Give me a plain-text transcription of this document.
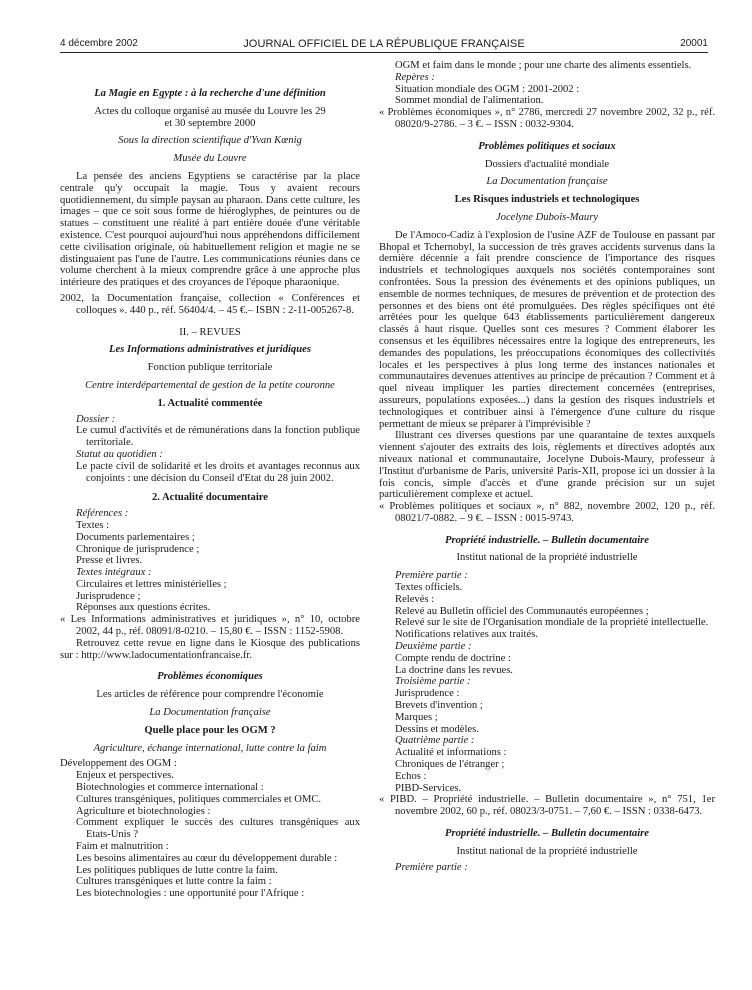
4 décembre 2002	JOURNAL OFFICIEL DE LA RÉPUBLIQUE FRANÇAISE	20001

La Magie en Egypte : à la recherche d'une définition

Actes du colloque organisé au musée du Louvre les 29 et 30 septembre 2000

Sous la direction scientifique d'Yvan Kœnig

Musée du Louvre

La pensée des anciens Egyptiens se caractérise par la place centrale qu'y occupait la magie. Tous y avaient recours quotidiennement, du simple paysan au pharaon. Dans cette culture, les images – que ce soit sous forme de hiéroglyphes, de peintures ou de statues – constituent une réalité à part entière douée d'une véritable existence. C'est pourquoi aujourd'hui nous appréhendons difficilement cette civilisation originale, où habituellement religion et magie ne se distinguaient pas l'une de l'autre. Les communications réunies dans ce volume cherchent à la mieux comprendre grâce à une approche plus intérieure des pratiques et des croyances de l'époque pharaonique.

2002, la Documentation française, collection « Conférences et colloques ». 440 p., réf. 56404/4. – 45 €.– ISBN : 2-11-005267-8.

II. – REVUES

Les Informations administratives et juridiques

Fonction publique territoriale

Centre interdépartemental de gestion de la petite couronne

1. Actualité commentée

Dossier :

Le cumul d'activités et de rémunérations dans la fonction publique territoriale.

Statut au quotidien :

Le pacte civil de solidarité et les droits et avantages reconnus aux conjoints : une décision du Conseil d'Etat du 28 juin 2002.

2. Actualité documentaire

Références :

Textes :

Documents parlementaires ;

Chronique de jurisprudence ;

Presse et livres.

Textes intégraux :

Circulaires et lettres ministérielles ;

Jurisprudence ;

Réponses aux questions écrites.

« Les Informations administratives et juridiques », n° 10, octobre 2002, 44 p., réf. 08091/8-0210. – 15,80 €. – ISSN : 1152-5908.

Retrouvez cette revue en ligne dans le Kiosque des publications sur : http://www.ladocumentationfrancaise.fr.

Problèmes économiques

Les articles de référence pour comprendre l'économie

La Documentation française

Quelle place pour les OGM ?

Agriculture, échange international, lutte contre la faim

Développement des OGM :

Enjeux et perspectives.

Biotechnologies et commerce international :

Cultures transgéniques, politiques commerciales et OMC.

Agriculture et biotechnologies :

Comment expliquer le succès des cultures transgéniques aux Etats-Unis ?

Faim et malnutrition :

Les besoins alimentaires au cœur du développement durable :

Les politiques publiques de lutte contre la faim.

Cultures transgéniques et lutte contre la faim :

Les biotechnologies : une opportunité pour l'Afrique :

OGM et faim dans le monde ; pour une charte des aliments essentiels.

Repères :

Situation mondiale des OGM : 2001-2002 :

Sommet mondial de l'alimentation.

« Problèmes économiques », n° 2786, mercredi 27 novembre 2002, 32 p., réf. 08020/9-2786. – 3 €. – ISSN : 0032-9304.

Problèmes politiques et sociaux

Dossiers d'actualité mondiale

La Documentation française

Les Risques industriels et technologiques

Jocelyne Dubois-Maury

De l'Amoco-Cadiz à l'explosion de l'usine AZF de Toulouse en passant par Bhopal et Tchernobyl, la succession de très graves accidents survenus dans la dernière décennie a fait prendre conscience de l'importance des risques industriels et technologiques auxquels nos sociétés contemporaines sont confrontées. Sous la pression des événements et des opinions publiques, un ensemble de normes techniques, de mesures de prévention et de protection des personnes et des biens ont été promulguées. Des règles spécifiques ont été arrêtées pour les quelque 643 établissements particulièrement dangereux classés à haut risque. Quelles sont ces mesures ? Comment élaborer les consensus et les équilibres nécessaires entre la logique des entrepreneurs, les demandes des populations, les préoccupations économiques des collectivités locales et les perspectives à plus long terme des instances nationales et communautaires devenues attentives au principe de précaution ? Comment et à quel niveau impliquer les parties directement concernées (entreprises, assureurs, populations exposées...) dans la gestion des risques industriels et technologiques et contribuer ainsi à l'émergence d'une culture du risque permettant de mieux se préparer à l'imprévisible ?

Illustrant ces diverses questions par une quarantaine de textes auxquels viennent s'ajouter des extraits des lois, règlements et directives adoptés aux niveaux national et communautaire, Jocelyne Dubois-Maury, professeur à l'Institut d'urbanisme de Paris, université Paris-XII, propose ici un dossier à la fois concis, simple d'accès et d'une grande précision sur un sujet particulièrement complexe et actuel.

« Problèmes politiques et sociaux », n° 882, novembre 2002, 120 p., réf. 08021/7-0882. – 9 €. – ISSN : 0015-9743.

Propriété industrielle. – Bulletin documentaire

Institut national de la propriété industrielle

Première partie :

Textes officiels.

Relevés :

Relevé au Bulletin officiel des Communautés européennes ;

Relevé sur le site de l'Organisation mondiale de la propriété intellectuelle.

Notifications relatives aux traités.

Deuxième partie :

Compte rendu de doctrine :

La doctrine dans les revues.

Troisième partie :

Jurisprudence :

Brevets d'invention ;

Marques ;

Dessins et modèles.

Quatrième partie :

Actualité et informations :

Chroniques de l'étranger ;

Echos :

PIBD-Services.

« PIBD. – Propriété industrielle. – Bulletin documentaire », n° 751, 1er novembre 2002, 60 p., réf. 08023/3-0751. – 7,60 €. – ISSN : 0338-6473.

Propriété industrielle. – Bulletin documentaire

Institut national de la propriété industrielle

Première partie :
